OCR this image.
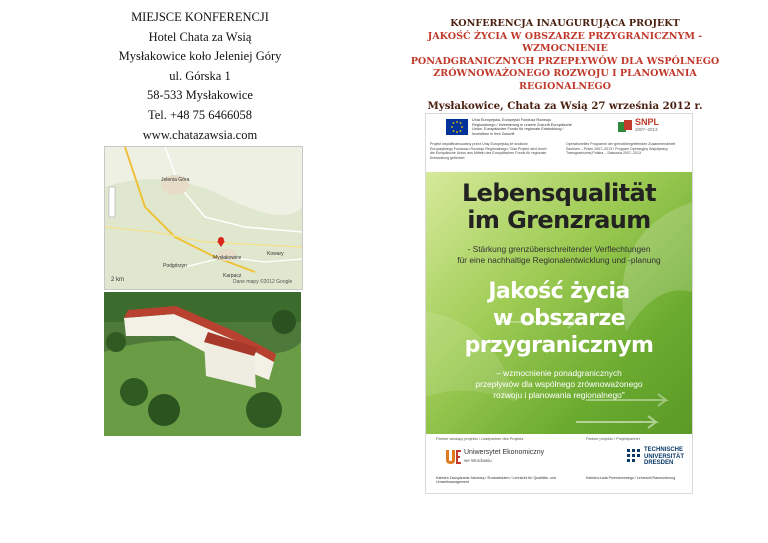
MIEJSCE KONFERENCJI
Hotel Chata za Wsią
Mysłakowice koło Jeleniej Góry
ul. Górska 1
58-533 Mysłakowice
Tel. +48 75 6466058
www.chatazawsia.com
Jelenia Góra
Mysłakowice
Karpacz
Kowary
Podgórzyn
2 km	Dane mapy ©2012 Google
KONFERENCJA INAUGURUJĄCA PROJEKT
JAKOŚĆ ŻYCIA W OBSZARZE PRZYGRANICZNYM - WZMOCNIENIE
PONADGRANICZNYCH PRZEPŁYWÓW DLA WSPÓLNEGO
ZRÓWNOWAŻONEGO ROZWOJU I PLANOWANIA REGIONALNEGO
Mysłakowice, Chata za Wsią 27 września 2012 r.
Unia Europejska, Europejski Fundusz Rozwoju Regionalnego / Investierung in unsere Zukunft Europäische Union, Europäischer Fonds für regionale Entwicklung / Investition in Ihre Zukunft
SNPL
2007–2013
Projekt współfinansowany przez Unię Europejską ze środków Europejskiego Funduszu Rozwoju Regionalnego / Das Projekt wird durch die Europäische Union aus Mitteln des Europäischen Fonds für regionale Entwicklung gefördert
Operationelles Programm der grenzübergreifenden Zusammenarbeit Sachsen – Polen 2007–2013 / Program Operacyjny Współpracy Transgranicznej Polska – Saksonia 2007–2013
Lebensqualität
im Grenzraum
- Stärkung grenzüberschreitender Verflechtungen
für eine nachhaltige Regionalentwicklung und -planung
Jakość życia
w obszarze
przygranicznym
– wzmocnienie ponadgranicznych
przepływów dla wspólnego zrównoważonego
rozwoju i planowania regionalnego"
Partner wiodący projektu / Leadpartner des Projekts	Partner projektu / Projektpartner
Uniwersytet Ekonomiczny
we Wrocławiu
TECHNISCHE
UNIVERSITÄT
DRESDEN
Katedra Zarządzania Jakością i Środowiskiem / Lehrstuhl für Qualitäts- und Umweltmanagement
Katedra Łada Przestrzennego / Lehrstuhl Raumordnung
